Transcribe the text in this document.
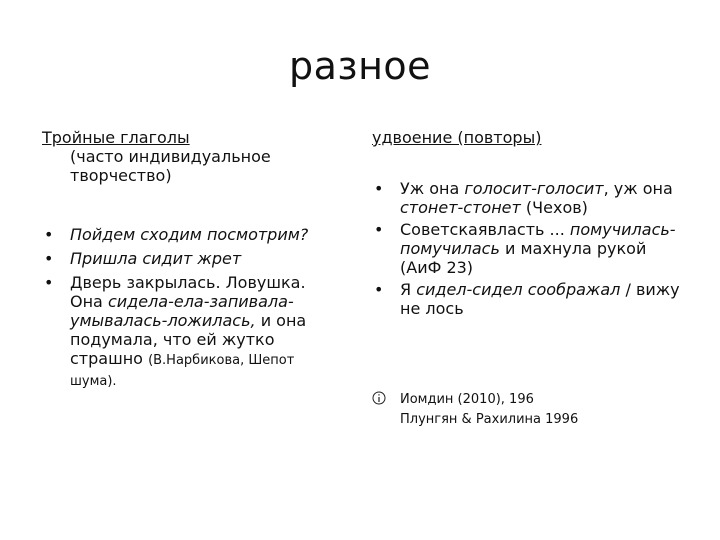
разное
Тройные глаголы
(часто индивидуальное
творчество)
• Пойдем сходим посмотрим?
• Пришла сидит жрет
• Дверь закрылась. Ловушка. Она сидела-ела-запивала-умывалась-ложилась, и она подумала, что ей жутко страшно (В.Нарбикова, Шепот шума).
удвоение (повторы)
• Уж она голосит-голосит, уж она стонет-стонет (Чехов)
• Советскаявласть ... помучилась-помучилась и махнула рукой (АиФ 23)
• Я сидел-сидел соображал / вижу не лось
Иомдин (2010), 196
Плунгян & Рахилина 1996
